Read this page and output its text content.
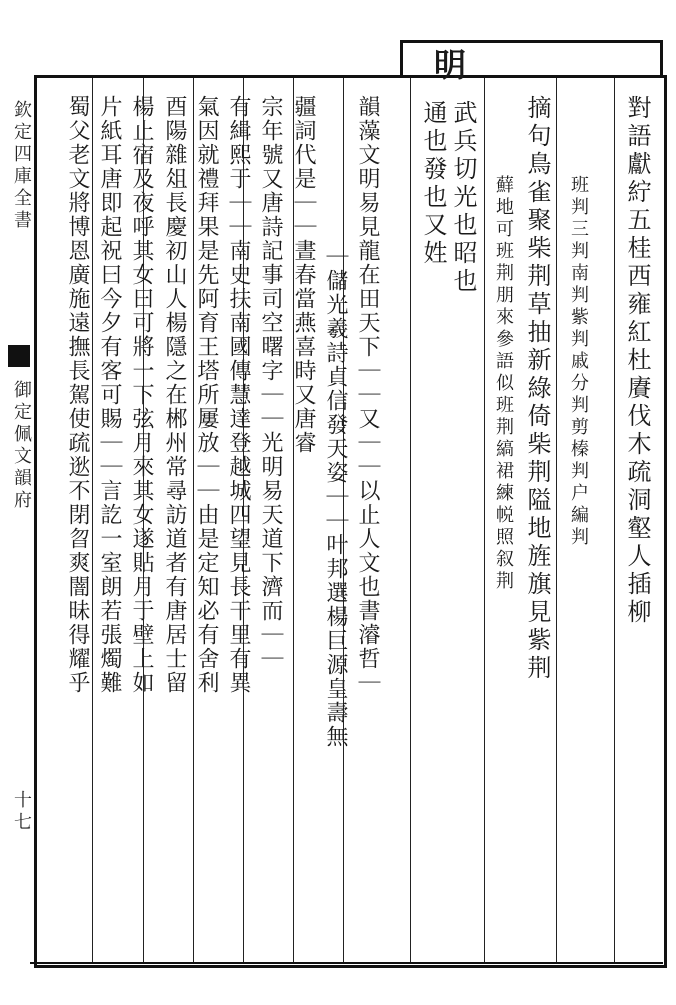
欽定四庫全書
御定佩文韻府
十七
明
對語獻紵五桂西雍紅杜賡伐木疏洞壑人插柳
班判三判南判紫判戚分判剪榛判户編判
摘句鳥雀聚柴荆草抽新綠倚柴荆隘地旌旗見紫荆
蘚地可班荆朋來參語似班荆縞裙練帨照叙荆
武兵切光也昭也
通也發也又姓
韻藻文明易見龍在田天下｜｜又｜｜以止人文也書濬哲｜
｜儲光羲詩貞信發天姿｜｜叶邦選楊巨源皇壽無
疆詞代是｜｜晝春當燕喜時又唐睿
宗年號又唐詩記事司空曙字｜｜光明易天道下濟而｜｜
有緝熙于｜｜南史扶南國傳慧達登越城四望見長干里有異
氣因就禮拜果是先阿育王塔所屢放｜｜由是定知必有舍利
酉陽雜俎長慶初山人楊隱之在郴州常尋訪道者有唐居士留
楊止宿及夜呼其女曰可將一下弦月來其女遂貼月于壁上如
片紙耳唐即起祝曰今夕有客可賜｜｜言訖一室朗若張燭難
蜀父老文將博恩廣施遠撫長駕使疏逖不閉曶爽闇昧得耀乎
